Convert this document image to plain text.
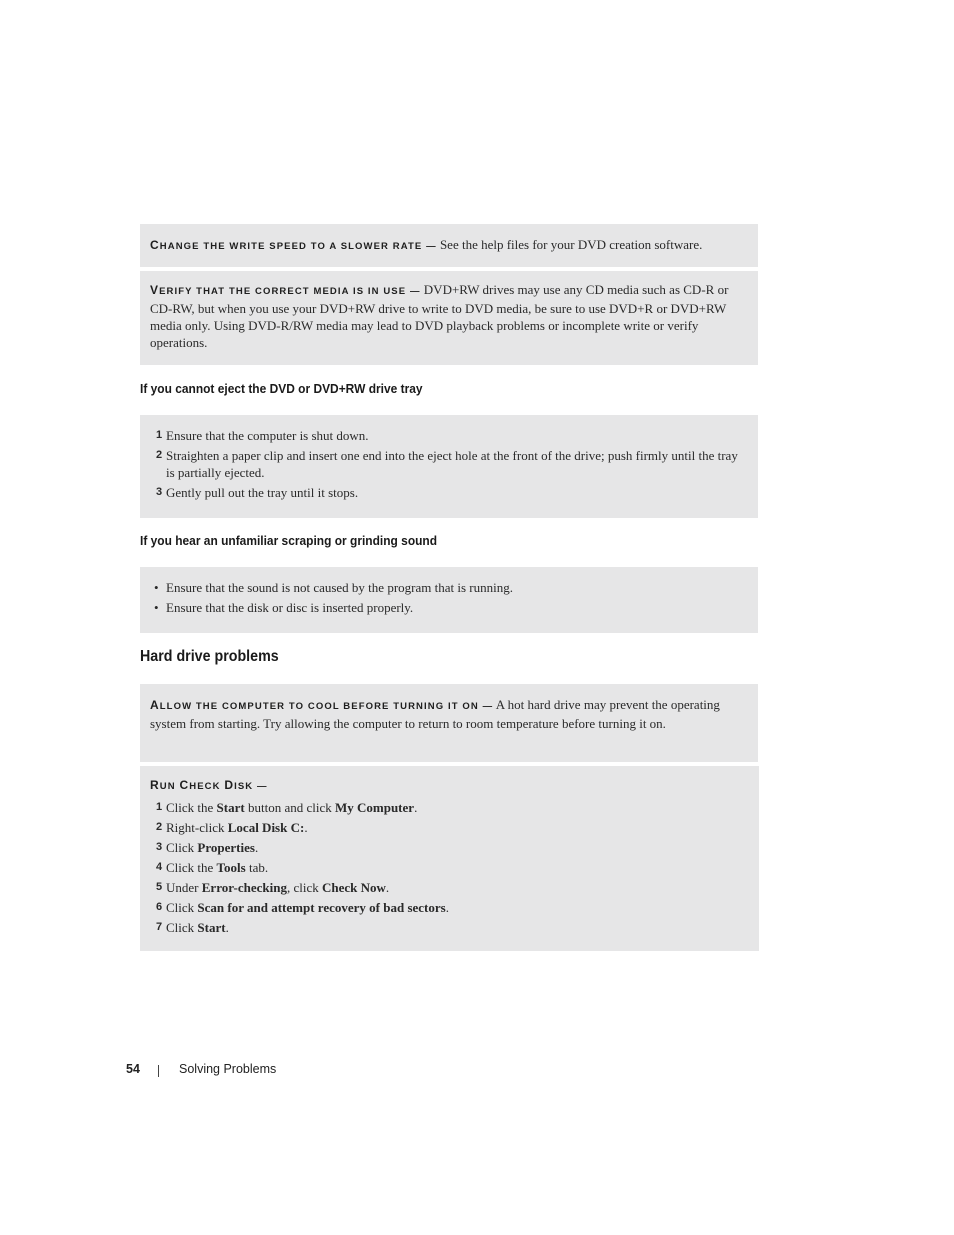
CHANGE THE WRITE SPEED TO A SLOWER RATE — See the help files for your DVD creation software.

VERIFY THAT THE CORRECT MEDIA IS IN USE — DVD+RW drives may use any CD media such as CD-R or CD-RW, but when you use your DVD+RW drive to write to DVD media, be sure to use DVD+R or DVD+RW media only. Using DVD-R/RW media may lead to DVD playback problems or incomplete write or verify operations.

If you cannot eject the DVD or DVD+RW drive tray
1 Ensure that the computer is shut down.
2 Straighten a paper clip and insert one end into the eject hole at the front of the drive; push firmly until the tray is partially ejected.
3 Gently pull out the tray until it stops.
If you hear an unfamiliar scraping or grinding sound
• Ensure that the sound is not caused by the program that is running.
• Ensure that the disk or disc is inserted properly.
Hard drive problems

ALLOW THE COMPUTER TO COOL BEFORE TURNING IT ON — A hot hard drive may prevent the operating system from starting. Try allowing the computer to return to room temperature before turning it on.

RUN CHECK DISK —

1 Click the Start button and click My Computer.
2 Right-click Local Disk C:.
3 Click Properties.
4 Click the Tools tab.
5 Under Error-checking, click Check Now.
6 Click Scan for and attempt recovery of bad sectors.
7 Click Start.
54	Solving Problems
